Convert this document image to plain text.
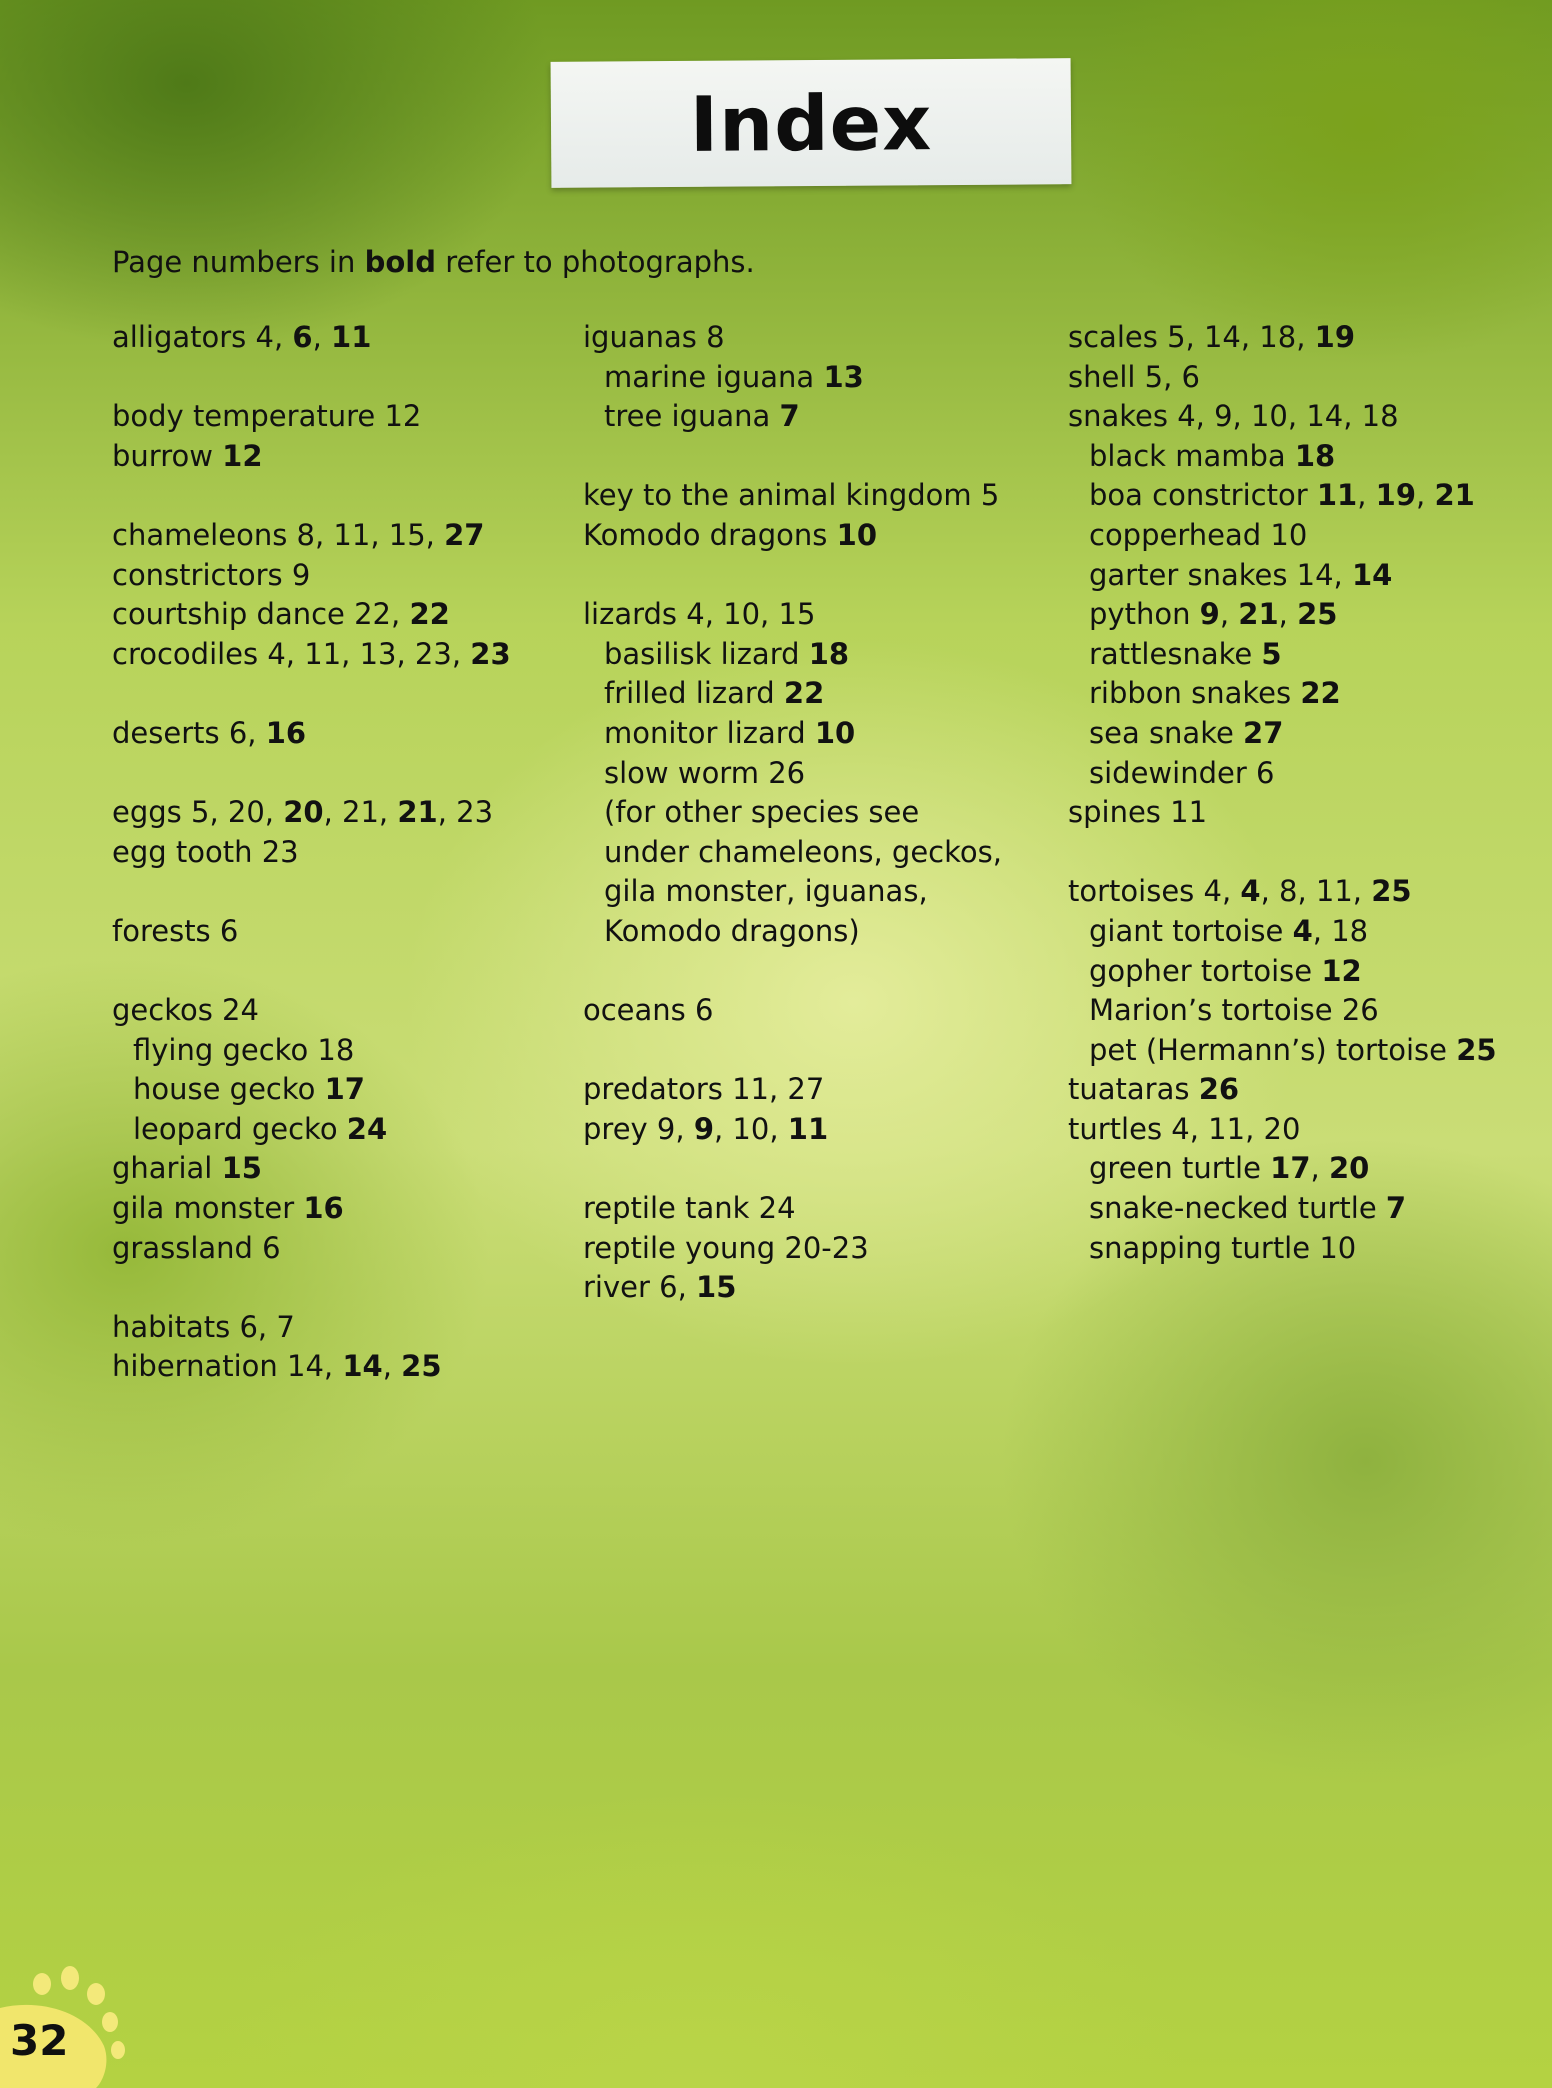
Index
Page numbers in bold refer to photographs.
alligators 4, 6, 11
body temperature 12
burrow 12
chameleons 8, 11, 15, 27
constrictors 9
courtship dance 22, 22
crocodiles 4, 11, 13, 23, 23
deserts 6, 16
eggs 5, 20, 20, 21, 21, 23
egg tooth 23
forests 6
geckos 24
flying gecko 18
house gecko 17
leopard gecko 24
gharial 15
gila monster 16
grassland 6
habitats 6, 7
hibernation 14, 14, 25
iguanas 8
marine iguana 13
tree iguana 7
key to the animal kingdom 5
Komodo dragons 10
lizards 4, 10, 15
basilisk lizard 18
frilled lizard 22
monitor lizard 10
slow worm 26
(for other species see
under chameleons, geckos,
gila monster, iguanas,
Komodo dragons)
oceans 6
predators 11, 27
prey 9, 9, 10, 11
reptile tank 24
reptile young 20-23
river 6, 15
scales 5, 14, 18, 19
shell 5, 6
snakes 4, 9, 10, 14, 18
black mamba 18
boa constrictor 11, 19, 21
copperhead 10
garter snakes 14, 14
python 9, 21, 25
rattlesnake 5
ribbon snakes 22
sea snake 27
sidewinder 6
spines 11
tortoises 4, 4, 8, 11, 25
giant tortoise 4, 18
gopher tortoise 12
Marion’s tortoise 26
pet (Hermann’s) tortoise 25
tuataras 26
turtles 4, 11, 20
green turtle 17, 20
snake-necked turtle 7
snapping turtle 10
32
